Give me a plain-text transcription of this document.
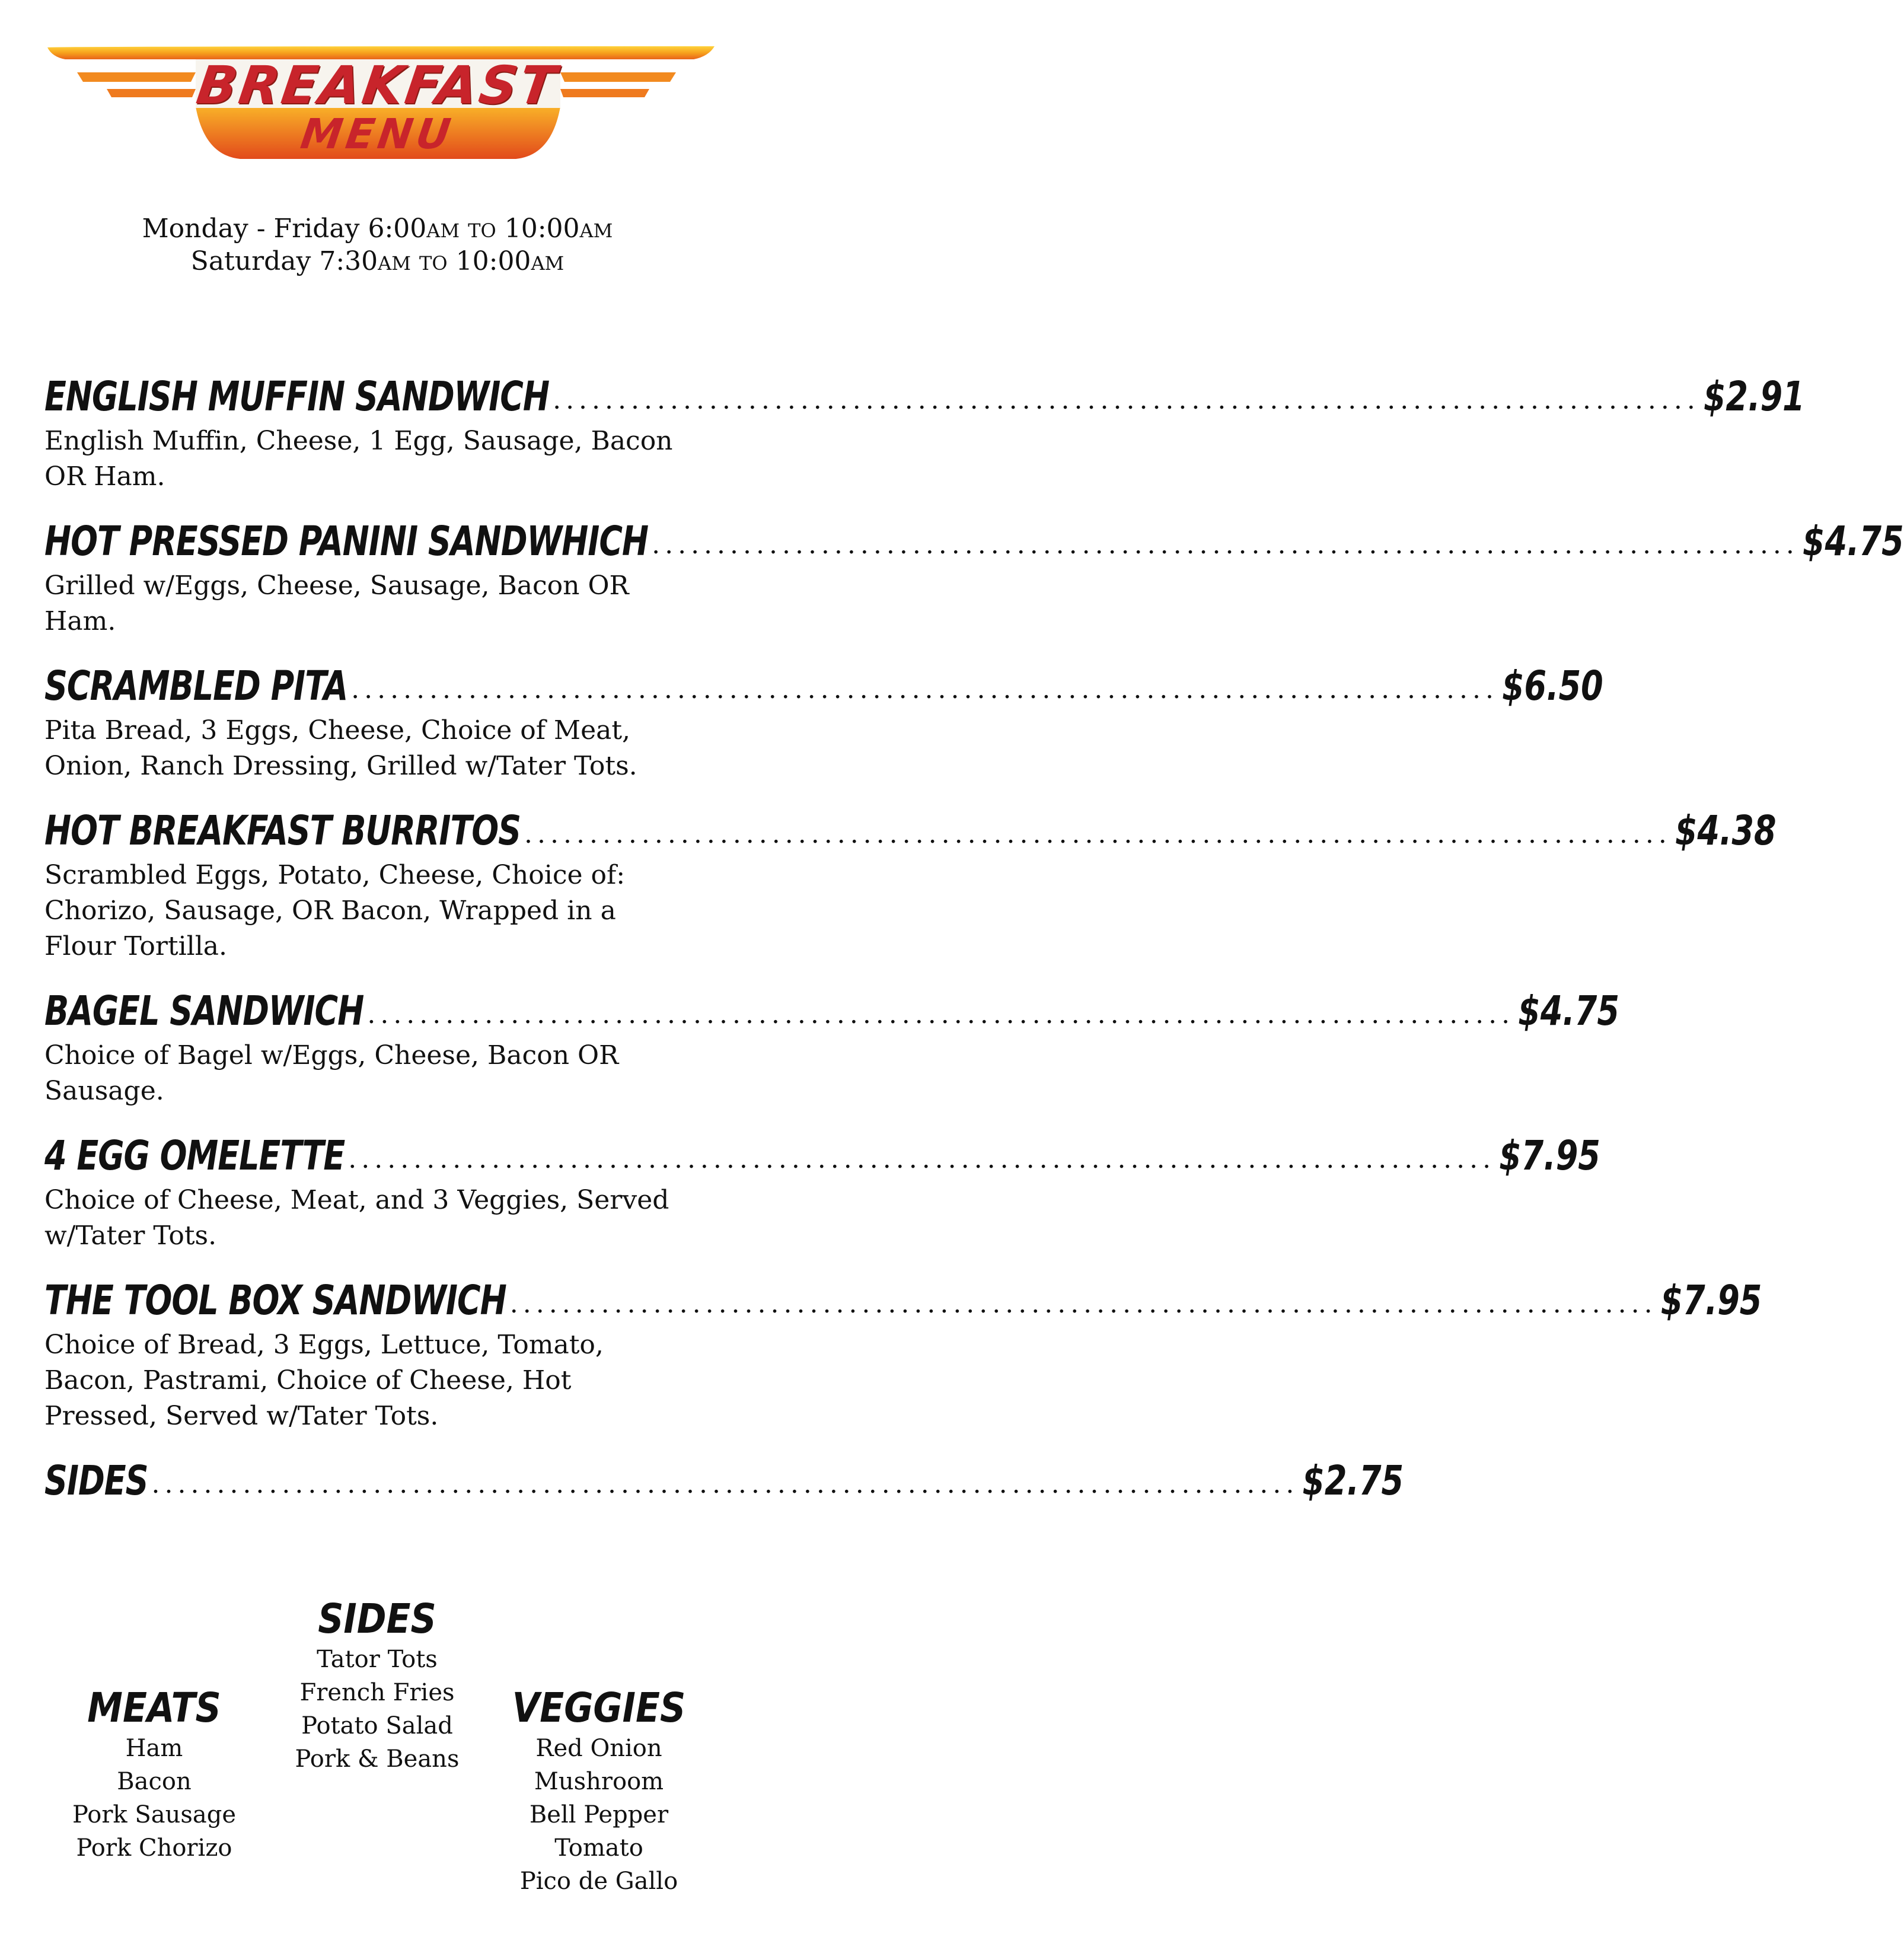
BREAKFAST
MENU
Monday - Friday 6:00AM TO 10:00AM
Saturday 7:30AM TO 10:00AM
ENGLISH MUFFIN SANDWICH .....	$2.91
English Muffin, Cheese, 1 Egg, Sausage, Bacon OR Ham.
HOT PRESSED PANINI SANDWHICH .....	$4.75
Grilled w/Eggs, Cheese, Sausage, Bacon OR Ham.
SCRAMBLED PITA .....	$6.50
Pita Bread, 3 Eggs, Cheese, Choice of Meat, Onion, Ranch Dressing, Grilled w/Tater Tots.
HOT BREAKFAST BURRITOS .....	$4.38
Scrambled Eggs, Potato, Cheese, Choice of: Chorizo, Sausage, OR Bacon, Wrapped in a Flour Tortilla.
BAGEL SANDWICH .....	$4.75
Choice of Bagel w/Eggs, Cheese, Bacon OR Sausage.
4 EGG OMELETTE .....	$7.95
Choice of Cheese, Meat, and 3 Veggies, Served w/Tater Tots.
THE TOOL BOX SANDWICH .....	$7.95
Choice of Bread, 3 Eggs, Lettuce, Tomato, Bacon, Pastrami, Choice of Cheese, Hot Pressed, Served w/Tater Tots.
SIDES .....	$2.75
SIDES
Tator Tots
French Fries
Potato Salad
Pork & Beans
MEATS
Ham
Bacon
Pork Sausage
Pork Chorizo
VEGGIES
Red Onion
Mushroom
Bell Pepper
Tomato
Pico de Gallo
